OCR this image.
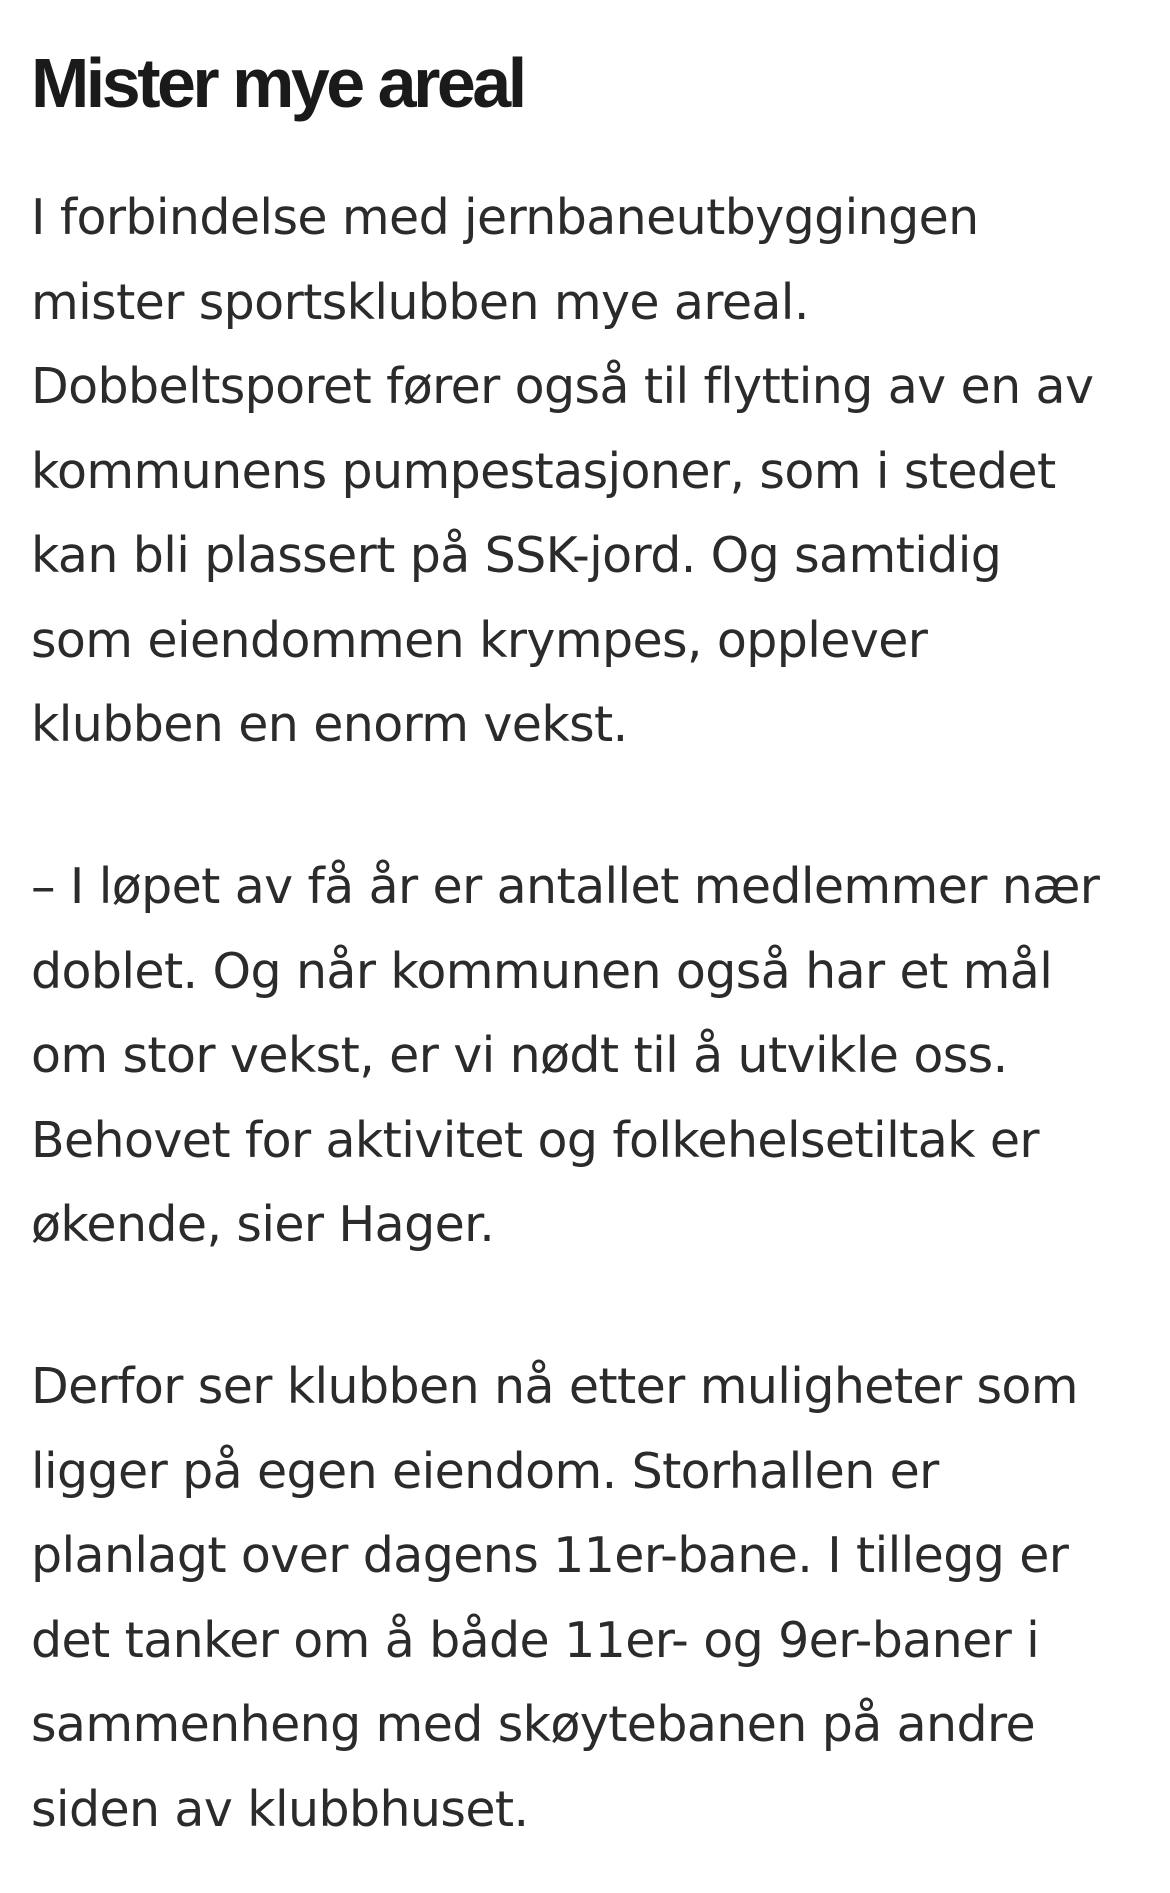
Mister mye areal
I forbindelse med jernbaneutbyggingen
mister sportsklubben mye areal.
Dobbeltsporet fører også til flytting av en av
kommunens pumpestasjoner, som i stedet
kan bli plassert på SSK-jord. Og samtidig
som eiendommen krympes, opplever
klubben en enorm vekst.
– I løpet av få år er antallet medlemmer nær
doblet. Og når kommunen også har et mål
om stor vekst, er vi nødt til å utvikle oss.
Behovet for aktivitet og folkehelsetiltak er
økende, sier Hager.
Derfor ser klubben nå etter muligheter som
ligger på egen eiendom. Storhallen er
planlagt over dagens 11er-bane. I tillegg er
det tanker om å både 11er- og 9er-baner i
sammenheng med skøytebanen på andre
siden av klubbhuset.
